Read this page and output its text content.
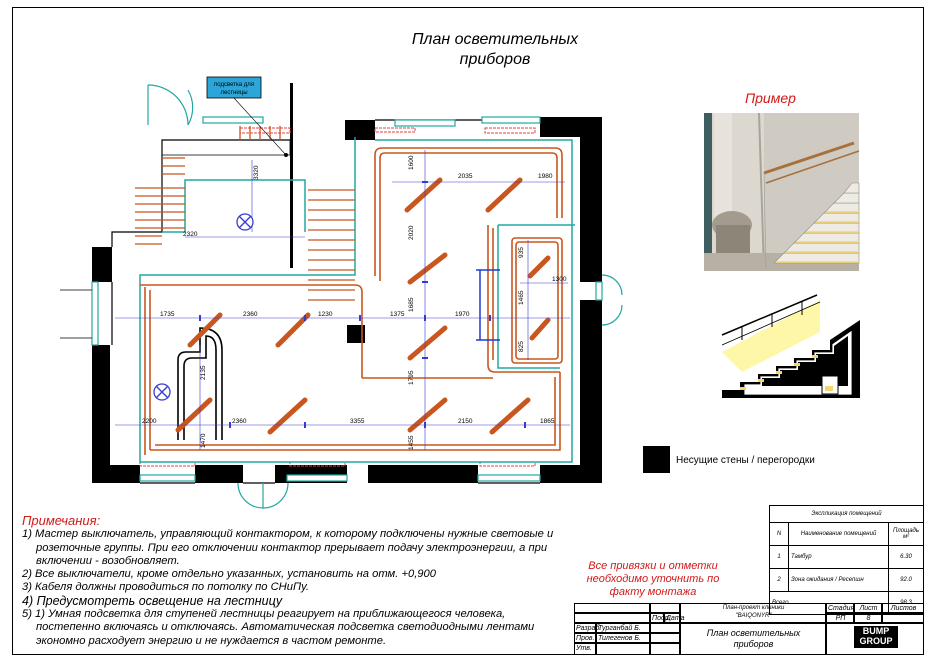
План осветительных
приборов
подсветка для
лестницы
1600
2035	1980
2020
935
1300
1465
825
1685
1735	2360	1230	1375	1970
2135	1795
2200	2360	3355	2150	1865
1470	1455
2320
3320
Пример
Несущие стены / перегородки
Примечания:

1) Мастер выключатель, управляющий контактором, к которому подключены нужные световые и

розеточные группы. При его отключении контактор прерывает подачу электроэнергии, а при

включении - возобновляет.

2) Все выключатели, кроме отдельно указанных, установить на отм. +0,900

3) Кабеля должны проводиться по потолку по СНиПу.

4) Предусмотреть освещение на лестницу

5) 1) Умная подсветка для ступеней лестницы реагирует на приближающегося человека,

постепенно включаясь и отключаясь. Автоматическая подсветка светодиодными лентами

экономно расходует энергию и не нуждается в частом ремонте.

Все привязки и отметки
необходимо уточнить по
факту монтажа
Экспликация помещений		
N	Наименование помещений	Площадь м²
1	Тамбур	6.30
2	Зона ожидания / Ресепшн	92.0
Всего		98.3
Подп.
Дата
Разраб.
Турганбай Б.
Пров. Тилегенов Б.
Утв.
План-проект клиники
"BAIQONYR"
План осветительных
приборов
Стадия Лист	Листов
РП	8
BUMP
GROUP
